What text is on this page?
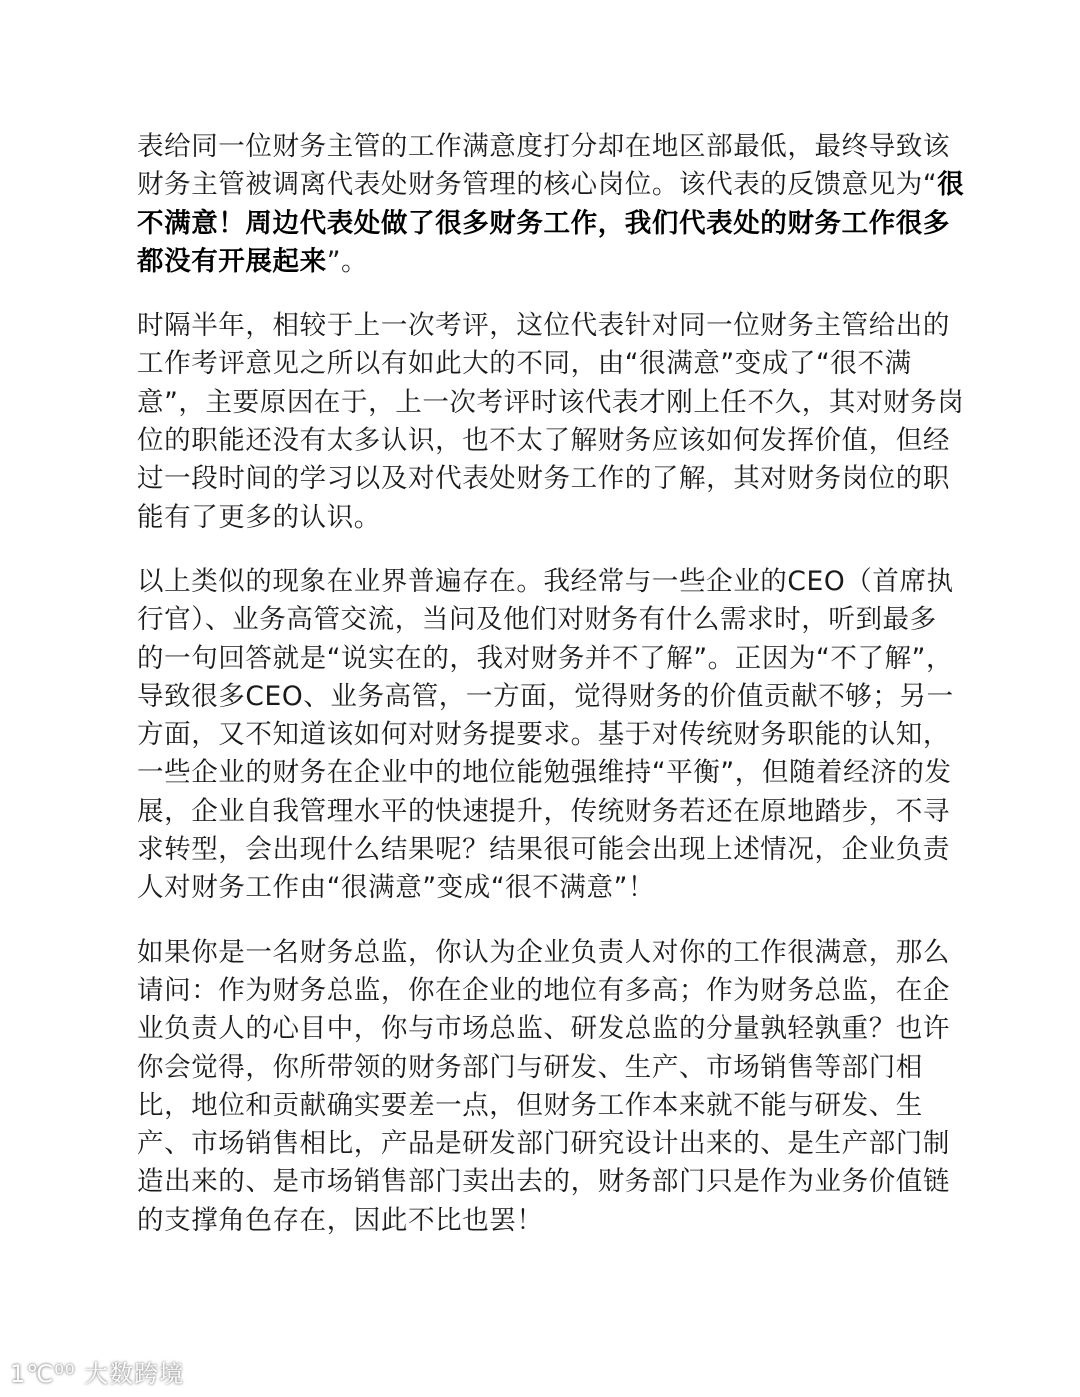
表给同一位财务主管的工作满意度打分却在地区部最低，最终导致该
财务主管被调离代表处财务管理的核心岗位。该代表的反馈意见为“很
不满意！周边代表处做了很多财务工作，我们代表处的财务工作很多
都没有开展起来”。
时隔半年，相较于上一次考评，这位代表针对同一位财务主管给出的
工作考评意见之所以有如此大的不同，由“很满意”变成了“很不满
意”，主要原因在于，上一次考评时该代表才刚上任不久，其对财务岗
位的职能还没有太多认识，也不太了解财务应该如何发挥价值，但经
过一段时间的学习以及对代表处财务工作的了解，其对财务岗位的职
能有了更多的认识。
以上类似的现象在业界普遍存在。我经常与一些企业的CEO（首席执
行官）、业务高管交流，当问及他们对财务有什么需求时，听到最多
的一句回答就是“说实在的，我对财务并不了解”。正因为“不了解”，
导致很多CEO、业务高管，一方面，觉得财务的价值贡献不够；另一
方面，又不知道该如何对财务提要求。基于对传统财务职能的认知，
一些企业的财务在企业中的地位能勉强维持“平衡”，但随着经济的发
展，企业自我管理水平的快速提升，传统财务若还在原地踏步，不寻
求转型，会出现什么结果呢？结果很可能会出现上述情况，企业负责
人对财务工作由“很满意”变成“很不满意”！
如果你是一名财务总监，你认为企业负责人对你的工作很满意，那么
请问：作为财务总监，你在企业的地位有多高；作为财务总监，在企
业负责人的心目中，你与市场总监、研发总监的分量孰轻孰重？也许
你会觉得，你所带领的财务部门与研发、生产、市场销售等部门相
比，地位和贡献确实要差一点，但财务工作本来就不能与研发、生
产、市场销售相比，产品是研发部门研究设计出来的、是生产部门制
造出来的、是市场销售部门卖出去的，财务部门只是作为业务价值链
的支撑角色存在，因此不比也罢！
1℃⁰⁰ 大数跨境
